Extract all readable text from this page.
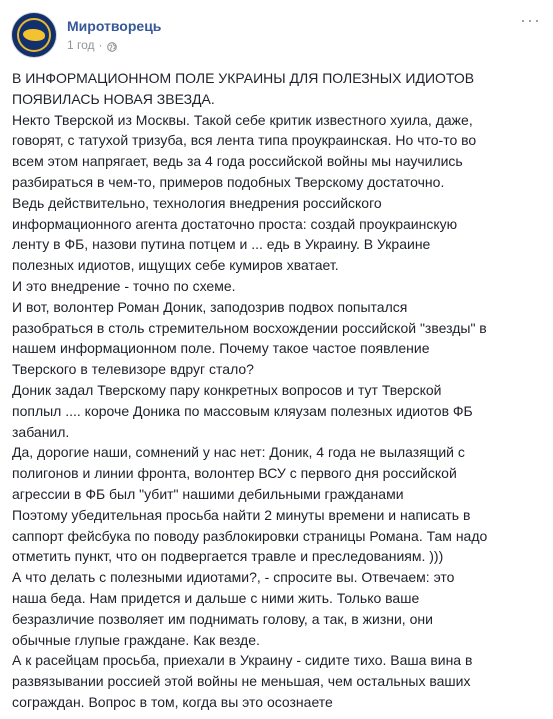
Миротворець
1 год ·
···

В ИНФОРМАЦИОННОМ ПОЛЕ УКРАИНЫ ДЛЯ ПОЛЕЗНЫХ ИДИОТОВ

ПОЯВИЛАСЬ НОВАЯ ЗВЕЗДА.

Некто Тверской из Москвы. Такой себе критик известного хуила, даже,

говорят, с татухой тризуба, вся лента типа проукраинская. Но что-то во

всем этом напрягает, ведь за 4 года российской войны мы научились

разбираться в чем-то, примеров подобных Тверскому достаточно.

Ведь действительно, технология внедрения российского

информационного агента достаточно проста: создай проукраинскую

ленту в ФБ, назови путина потцем и ... едь в Украину. В Украине

полезных идиотов, ищущих себе кумиров хватает.

И это внедрение - точно по схеме.

И вот, волонтер Роман Доник, заподозрив подвох попытался

разобраться в столь стремительном восхождении российской "звезды" в

нашем информационном поле. Почему такое частое появление

Тверского в телевизоре вдруг стало?

Доник задал Тверскому пару конкретных вопросов и тут Тверской

поплыл .... короче Доника по массовым кляузам полезных идиотов ФБ

забанил.

Да, дорогие наши, сомнений у нас нет: Доник, 4 года не вылазящий с

полигонов и линии фронта, волонтер ВСУ с первого дня российской

агрессии в ФБ был "убит" нашими дебильными гражданами

Поэтому убедительная просьба найти 2 минуты времени и написать в

саппорт фейсбука по поводу разблокировки страницы Романа. Там надо

отметить пункт, что он подвергается травле и преследованиям. )))

А что делать с полезными идиотами?, - спросите вы. Отвечаем: это

наша беда. Нам придется и дальше с ними жить. Только ваше

безразличие позволяет им поднимать голову, а так, в жизни, они

обычные глупые граждане. Как везде.

А к расейцам просьба, приехали в Украину - сидите тихо. Ваша вина в

развязывании россией этой войны не меньшая, чем остальных ваших

сограждан. Вопрос в том, когда вы это осознаете
